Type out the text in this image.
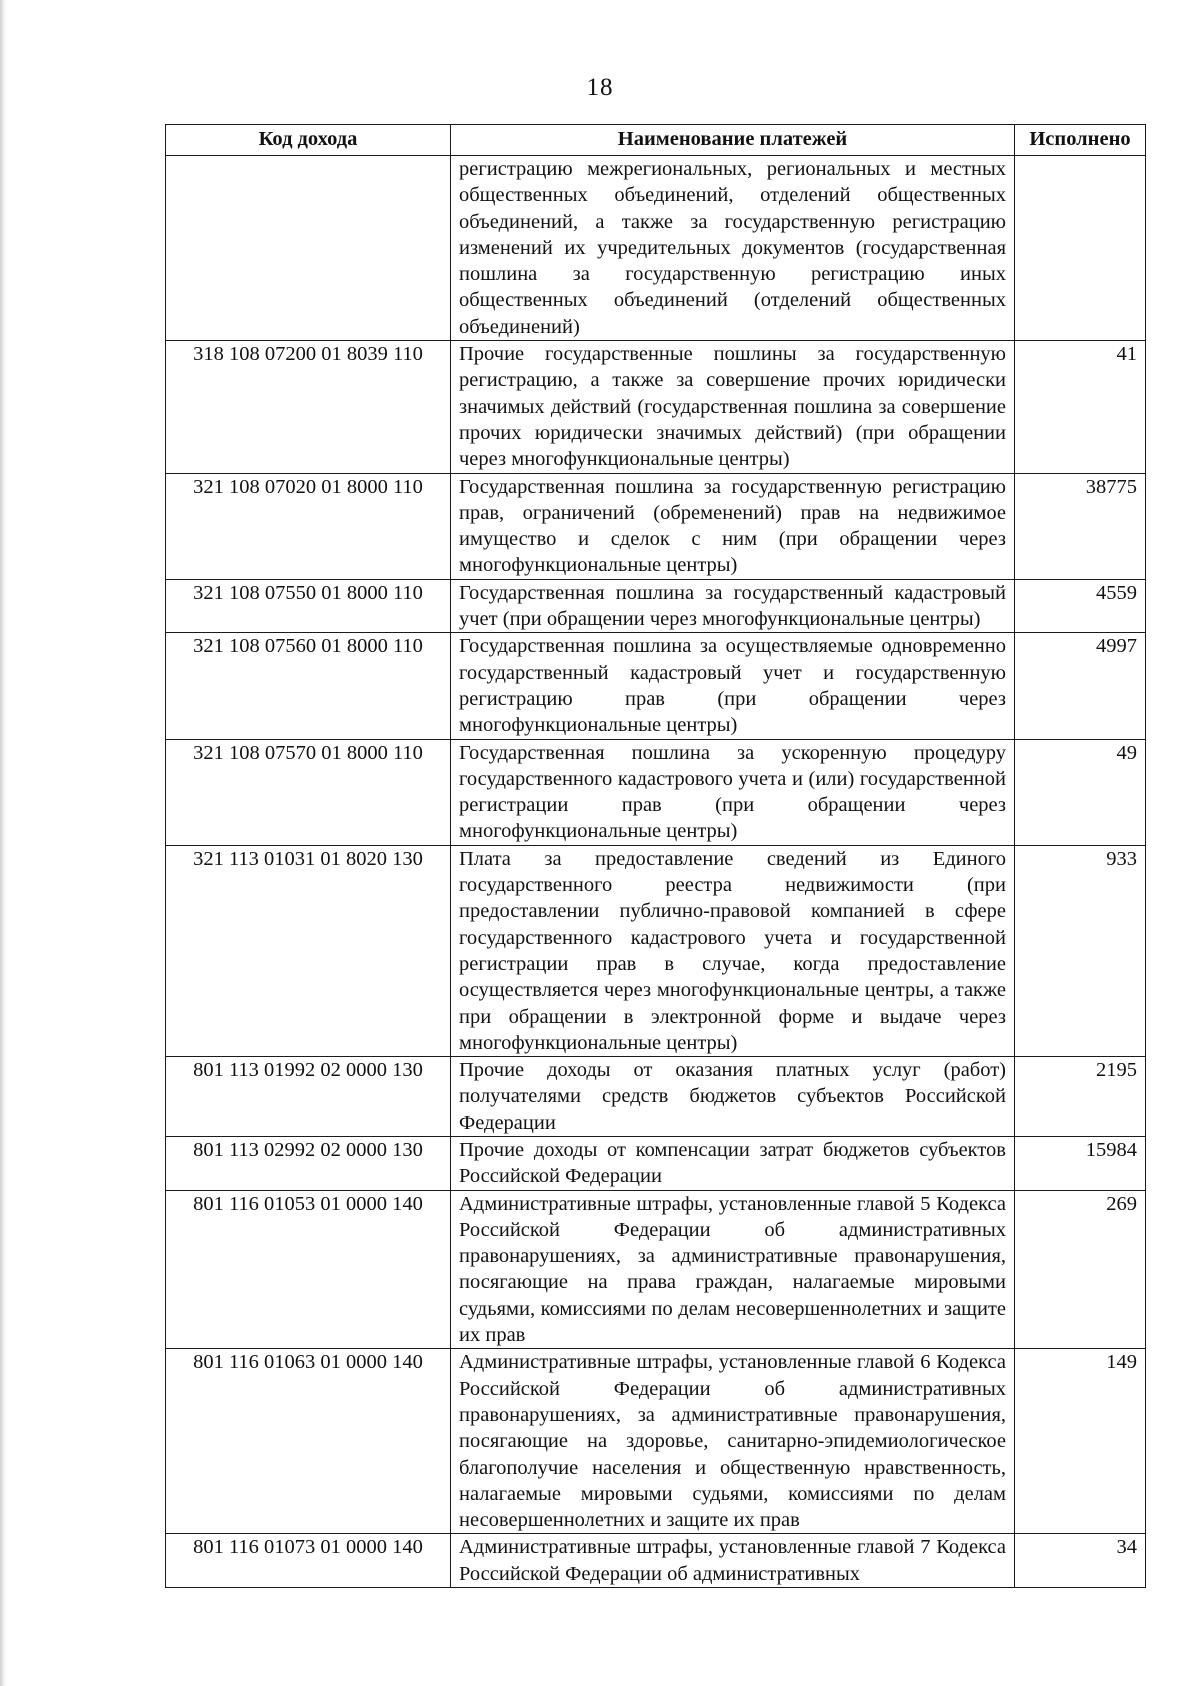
18
Код дохода	Наименование платежей	Исполнено
	регистрацию межрегиональных, региональных и местных общественных объединений, отделений общественных объединений, а также за государственную регистрацию изменений их учредительных документов (государственная пошлина за государственную регистрацию иных общественных объединений (отделений общественных объединений)	
318 108 07200 01 8039 110	Прочие государственные пошлины за государственную регистрацию, а также за совершение прочих юридически значимых действий (государственная пошлина за совершение прочих юридически значимых действий) (при обращении через многофункциональные центры)	41
321 108 07020 01 8000 110	Государственная пошлина за государственную регистрацию прав, ограничений (обременений) прав на недвижимое имущество и сделок с ним (при обращении через многофункциональные центры)	38775
321 108 07550 01 8000 110	Государственная пошлина за государственный кадастровый учет (при обращении через многофункциональные центры)	4559
321 108 07560 01 8000 110	Государственная пошлина за осуществляемые одновременно государственный кадастровый учет и государственную регистрацию прав (при обращении через многофункциональные центры)	4997
321 108 07570 01 8000 110	Государственная пошлина за ускоренную процедуру государственного кадастрового учета и (или) государственной регистрации прав (при обращении через многофункциональные центры)	49
321 113 01031 01 8020 130	Плата за предоставление сведений из Единого государственного реестра недвижимости (при предоставлении публично-правовой компанией в сфере государственного кадастрового учета и государственной регистрации прав в случае, когда предоставление осуществляется через многофункциональные центры, а также при обращении в электронной форме и выдаче через многофункциональные центры)	933
801 113 01992 02 0000 130	Прочие доходы от оказания платных услуг (работ) получателями средств бюджетов субъектов Российской Федерации	2195
801 113 02992 02 0000 130	Прочие доходы от компенсации затрат бюджетов субъектов Российской Федерации	15984
801 116 01053 01 0000 140	Административные штрафы, установленные главой 5 Кодекса Российской Федерации об административных правонарушениях, за административные правонарушения, посягающие на права граждан, налагаемые мировыми судьями, комиссиями по делам несовершеннолетних и защите их прав	269
801 116 01063 01 0000 140	Административные штрафы, установленные главой 6 Кодекса Российской Федерации об административных правонарушениях, за административные правонарушения, посягающие на здоровье, санитарно-эпидемиологическое благополучие населения и общественную нравственность, налагаемые мировыми судьями, комиссиями по делам несовершеннолетних и защите их прав	149
801 116 01073 01 0000 140	Административные штрафы, установленные главой 7 Кодекса Российской Федерации об административных	34
